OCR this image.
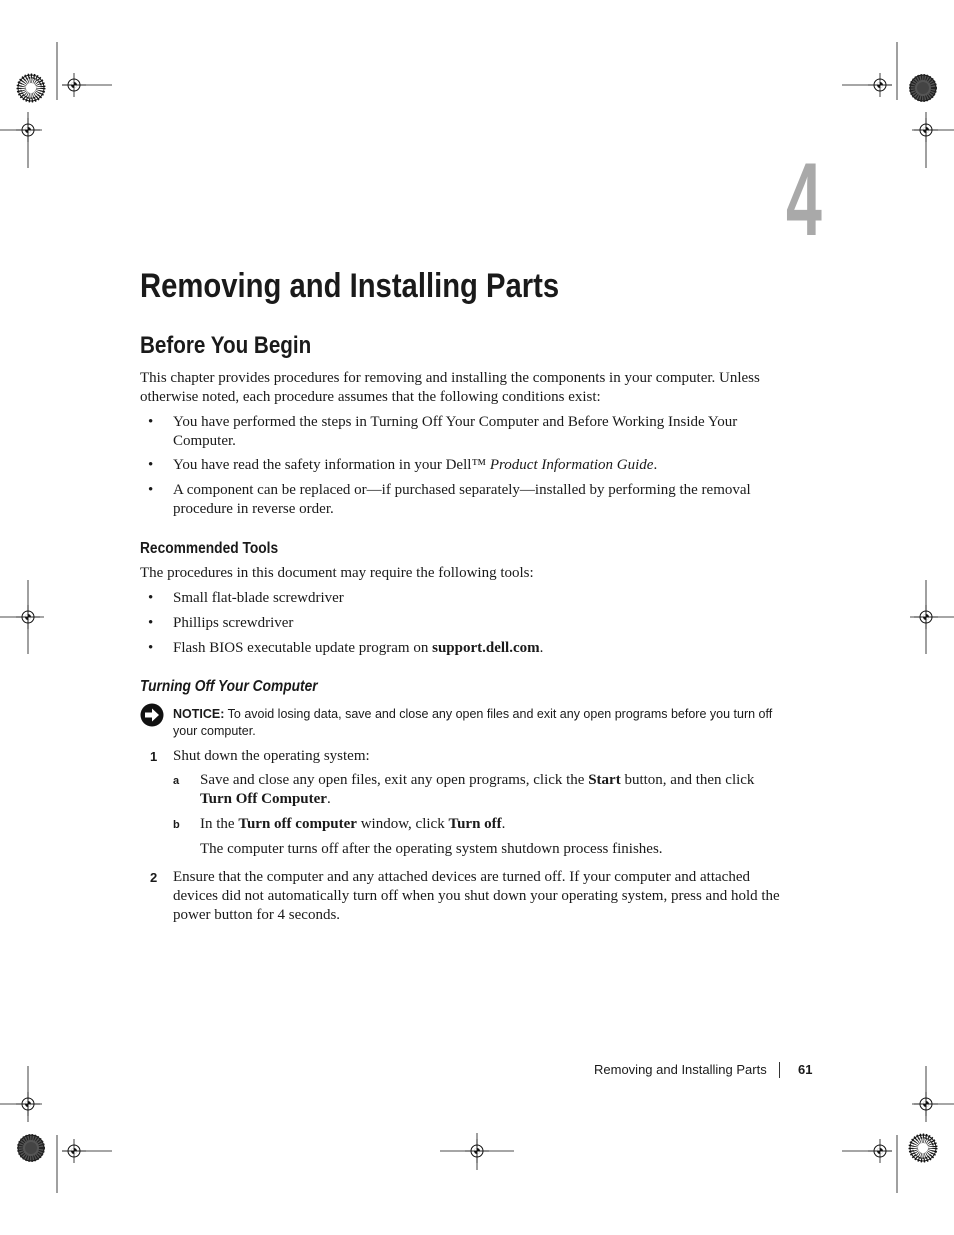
4
Removing and Installing Parts
Before You Begin
This chapter provides procedures for removing and installing the components in your computer. Unless otherwise noted, each procedure assumes that the following conditions exist:
• You have performed the steps in Turning Off Your Computer and Before Working Inside Your Computer.
• You have read the safety information in your Dell™ Product Information Guide.
• A component can be replaced or—if purchased separately—installed by performing the removal procedure in reverse order.
Recommended Tools
The procedures in this document may require the following tools:
• Small flat-blade screwdriver
• Phillips screwdriver
• Flash BIOS executable update program on support.dell.com.
Turning Off Your Computer
NOTICE: To avoid losing data, save and close any open files and exit any open programs before you turn off your computer.
1 Shut down the operating system:
a Save and close any open files, exit any open programs, click the Start button, and then click Turn Off Computer.
b In the Turn off computer window, click Turn off.
The computer turns off after the operating system shutdown process finishes.
2 Ensure that the computer and any attached devices are turned off. If your computer and attached devices did not automatically turn off when you shut down your operating system, press and hold the power button for 4 seconds.
Removing and Installing Parts 61
